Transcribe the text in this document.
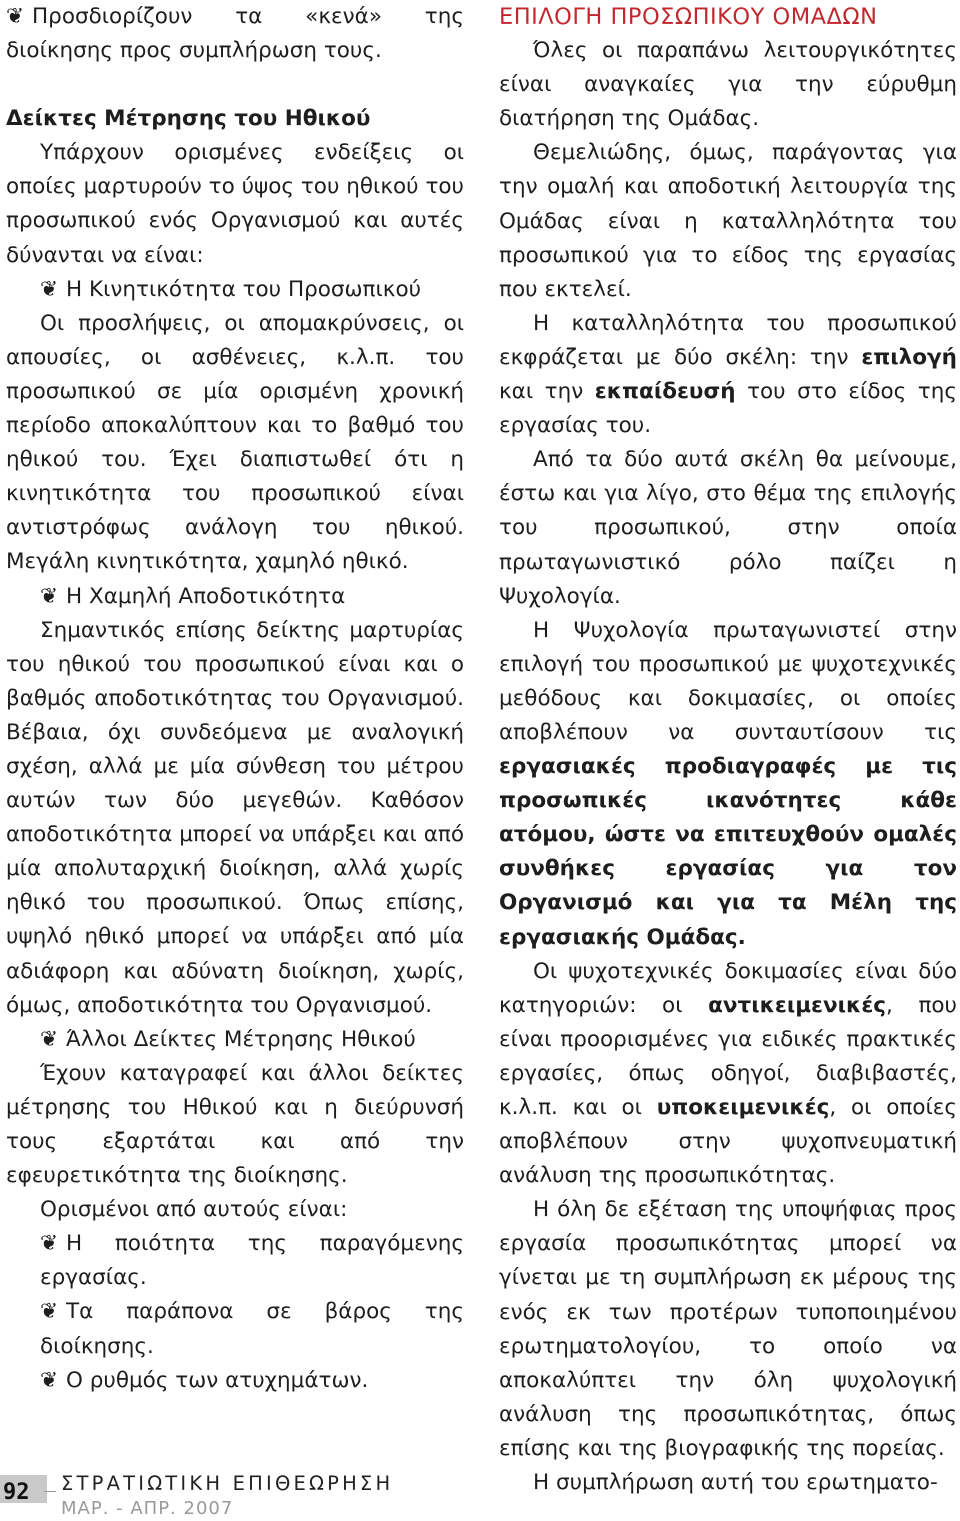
❦ Προσδιορίζουν τα «κενά» της διοίκησης προς συμπλήρωση τους.

Δείκτες Μέτρησης του Ηθικού

Υπάρχουν ορισμένες ενδείξεις οι οποίες μαρτυρούν το ύψος του ηθικού του προσωπικού ενός Οργανισμού και αυτές δύνανται να είναι:

❦ Η Κινητικότητα του Προσωπικού

Οι προσλήψεις, οι απομακρύνσεις, οι απουσίες, οι ασθένειες, κ.λ.π. του προσωπικού σε μία ορισμένη χρονική περίοδο αποκαλύπτουν και το βαθμό του ηθικού του. Έχει διαπιστωθεί ότι η κινητικότητα του προσωπικού είναι αντιστρόφως ανάλογη του ηθικού. Μεγάλη κινητικότητα, χαμηλό ηθικό.

❦ Η Χαμηλή Αποδοτικότητα

Σημαντικός επίσης δείκτης μαρτυρίας του ηθικού του προσωπικού είναι και ο βαθμός αποδοτικότητας του Οργανισμού. Βέβαια, όχι συνδεόμενα με αναλογική σχέση, αλλά με μία σύνθεση του μέτρου αυτών των δύο μεγεθών. Καθόσον αποδοτικότητα μπορεί να υπάρξει και από μία απολυταρχική διοίκηση, αλλά χωρίς ηθικό του προσωπικού. Όπως επίσης, υψηλό ηθικό μπορεί να υπάρξει από μία αδιάφορη και αδύνατη διοίκηση, χωρίς, όμως, αποδοτικότητα του Οργανισμού.

❦ Άλλοι Δείκτες Μέτρησης Ηθικού

Έχουν καταγραφεί και άλλοι δείκτες μέτρησης του Ηθικού και η διεύρυνσή τους εξαρτάται και από την εφευρετικότητα της διοίκησης.

Ορισμένοι από αυτούς είναι:

❦ Η ποιότητα της παραγόμενης εργασίας.

❦ Τα παράπονα σε βάρος της διοίκησης.

❦ Ο ρυθμός των ατυχημάτων.

ΕΠΙΛΟΓΗ ΠΡΟΣΩΠΙΚΟΥ ΟΜΑΔΩΝ

Όλες οι παραπάνω λειτουργικότητες είναι αναγκαίες για την εύρυθμη διατήρηση της Ομάδας.

Θεμελιώδης, όμως, παράγοντας για την ομαλή και αποδοτική λειτουργία της Ομάδας είναι η καταλληλότητα του προσωπικού για το είδος της εργασίας που εκτελεί.

Η καταλληλότητα του προσωπικού εκφράζεται με δύο σκέλη: την επιλογή και την εκπαίδευσή του στο είδος της εργασίας του.

Από τα δύο αυτά σκέλη θα μείνουμε, έστω και για λίγο, στο θέμα της επιλογής του προσωπικού, στην οποία πρωταγωνιστικό ρόλο παίζει η Ψυχολογία.

Η Ψυχολογία πρωταγωνιστεί στην επιλογή του προσωπικού με ψυχοτεχνικές μεθόδους και δοκιμασίες, οι οποίες αποβλέπουν να συνταυτίσουν τις εργασιακές προδιαγραφές με τις προσωπικές ικανότητες κάθε ατόμου, ώστε να επιτευχθούν ομαλές συνθήκες εργασίας για τον Οργανισμό και για τα Μέλη της εργασιακής Ομάδας.

Οι ψυχοτεχνικές δοκιμασίες είναι δύο κατηγοριών: οι αντικειμενικές, που είναι προορισμένες για ειδικές πρακτικές εργασίες, όπως οδηγοί, διαβιβαστές, κ.λ.π. και οι υποκειμενικές, οι οποίες αποβλέπουν στην ψυχοπνευματική ανάλυση της προσωπικότητας.

Η όλη δε εξέταση της υποψήφιας προς εργασία προσωπικότητας μπορεί να γίνεται με τη συμπλήρωση εκ μέρους της ενός εκ των προτέρων τυποποιημένου ερωτηματολογίου, το οποίο να αποκαλύπτει την όλη ψυχολογική ανάλυση της προσωπικότητας, όπως επίσης και της βιογραφικής της πορείας.

Η συμπλήρωση αυτή του ερωτηματο-

92	ΣΤΡΑΤΙΩΤΙΚΗ ΕΠΙΘΕΩΡΗΣΗ
ΜΑΡ. - ΑΠΡ. 2007
